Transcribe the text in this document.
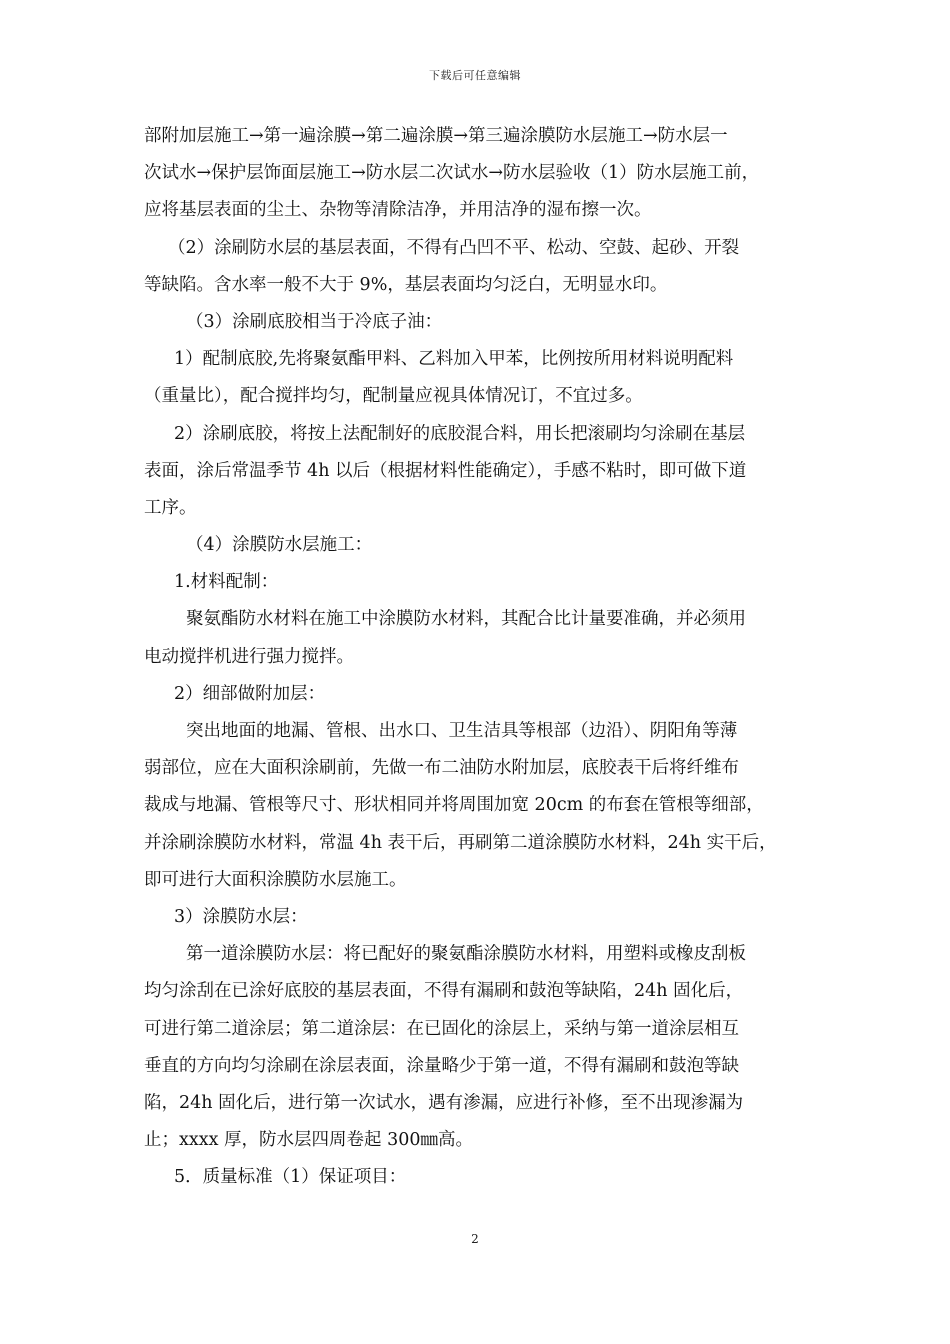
下载后可任意编辑
部附加层施工→第一遍涂膜→第二遍涂膜→第三遍涂膜防水层施工→防水层一
次试水→保护层饰面层施工→防水层二次试水→防水层验收（1）防水层施工前，
应将基层表面的尘土、杂物等清除洁净，并用洁净的湿布擦一次。
（2）涂刷防水层的基层表面，不得有凸凹不平、松动、空鼓、起砂、开裂
等缺陷。含水率一般不大于 9%，基层表面均匀泛白，无明显水印。
（3）涂刷底胶相当于冷底子油：
1）配制底胶,先将聚氨酯甲料、乙料加入甲苯，比例按所用材料说明配料
（重量比），配合搅拌均匀，配制量应视具体情况订，不宜过多。
2）涂刷底胶，将按上法配制好的底胶混合料，用长把滚刷均匀涂刷在基层
表面，涂后常温季节 4h 以后（根据材料性能确定），手感不粘时，即可做下道
工序。
（4）涂膜防水层施工：
1.材料配制：
聚氨酯防水材料在施工中涂膜防水材料，其配合比计量要准确，并必须用
电动搅拌机进行强力搅拌。
2）细部做附加层：
突出地面的地漏、管根、出水口、卫生洁具等根部（边沿）、阴阳角等薄
弱部位，应在大面积涂刷前，先做一布二油防水附加层，底胶表干后将纤维布
裁成与地漏、管根等尺寸、形状相同并将周围加宽 20cm 的布套在管根等细部，
并涂刷涂膜防水材料，常温 4h 表干后，再刷第二道涂膜防水材料，24h 实干后，
即可进行大面积涂膜防水层施工。
3）涂膜防水层：
第一道涂膜防水层：将已配好的聚氨酯涂膜防水材料，用塑料或橡皮刮板
均匀涂刮在已涂好底胶的基层表面，不得有漏刷和鼓泡等缺陷，24h 固化后，
可进行第二道涂层；第二道涂层：在已固化的涂层上，采纳与第一道涂层相互
垂直的方向均匀涂刷在涂层表面，涂量略少于第一道，不得有漏刷和鼓泡等缺
陷，24h 固化后，进行第一次试水，遇有渗漏，应进行补修，至不出现渗漏为
止；xxxx 厚，防水层四周卷起 300㎜高。
5．质量标准（1）保证项目：
2
